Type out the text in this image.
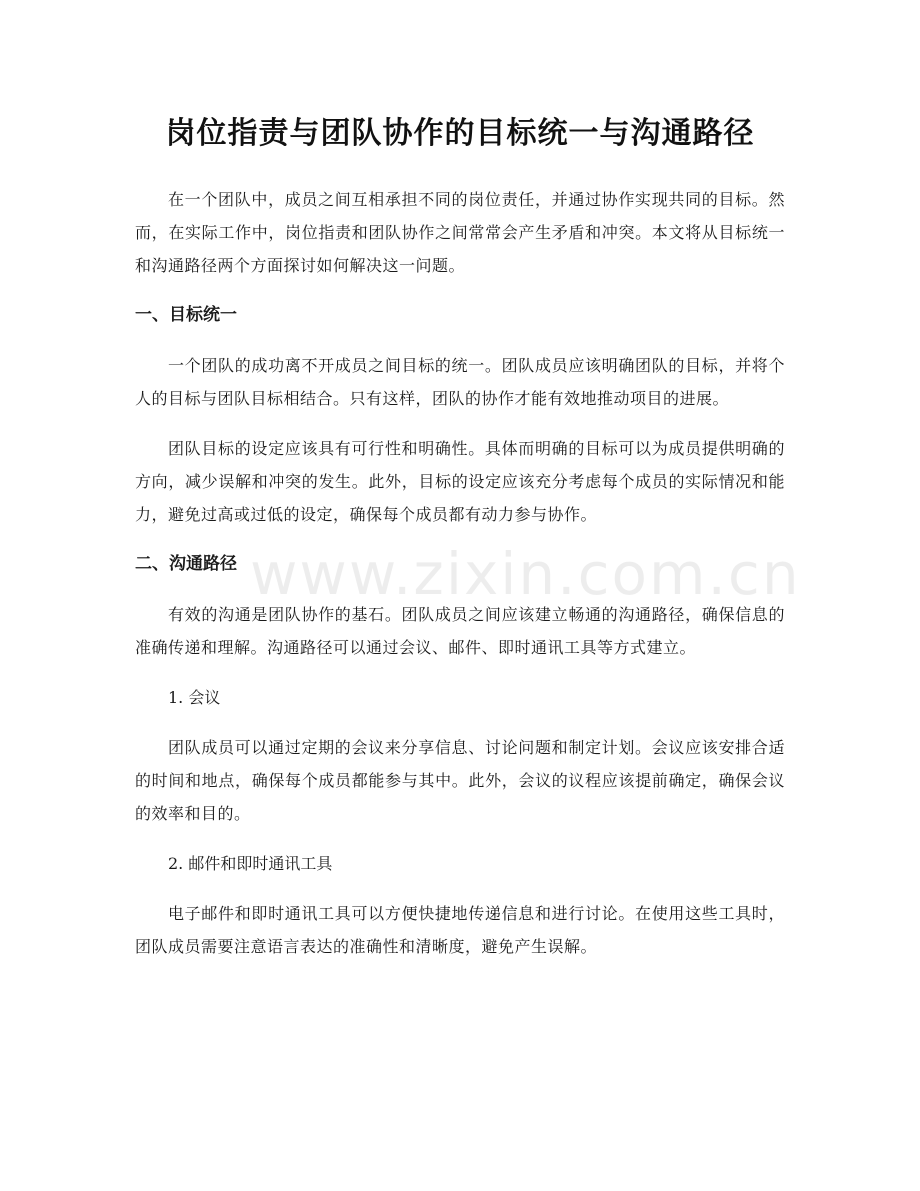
岗位指责与团队协作的目标统一与沟通路径
www.zixin.com.cn

在一个团队中，成员之间互相承担不同的岗位责任，并通过协作实现共同的目标。然而，在实际工作中，岗位指责和团队协作之间常常会产生矛盾和冲突。本文将从目标统一和沟通路径两个方面探讨如何解决这一问题。

一、目标统一

一个团队的成功离不开成员之间目标的统一。团队成员应该明确团队的目标，并将个人的目标与团队目标相结合。只有这样，团队的协作才能有效地推动项目的进展。

团队目标的设定应该具有可行性和明确性。具体而明确的目标可以为成员提供明确的方向，减少误解和冲突的发生。此外，目标的设定应该充分考虑每个成员的实际情况和能力，避免过高或过低的设定，确保每个成员都有动力参与协作。

二、沟通路径

有效的沟通是团队协作的基石。团队成员之间应该建立畅通的沟通路径，确保信息的准确传递和理解。沟通路径可以通过会议、邮件、即时通讯工具等方式建立。

1. 会议

团队成员可以通过定期的会议来分享信息、讨论问题和制定计划。会议应该安排合适的时间和地点，确保每个成员都能参与其中。此外，会议的议程应该提前确定，确保会议的效率和目的。

2. 邮件和即时通讯工具

电子邮件和即时通讯工具可以方便快捷地传递信息和进行讨论。在使用这些工具时，团队成员需要注意语言表达的准确性和清晰度，避免产生误解。
